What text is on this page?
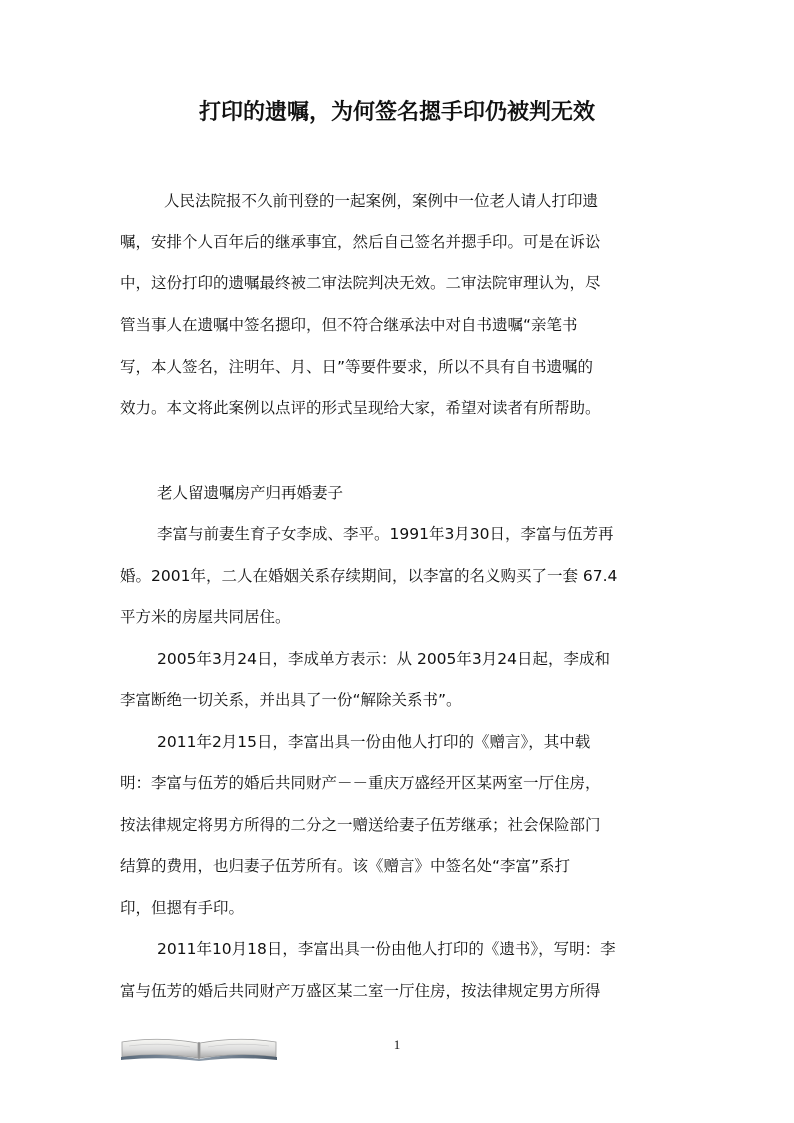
打印的遗嘱，为何签名摁手印仍被判无效
人民法院报不久前刊登的一起案例，案例中一位老人请人打印遗
嘱，安排个人百年后的继承事宜，然后自己签名并摁手印。可是在诉讼
中，这份打印的遗嘱最终被二审法院判决无效。二审法院审理认为，尽
管当事人在遗嘱中签名摁印，但不符合继承法中对自书遗嘱“亲笔书
写，本人签名，注明年、月、日”等要件要求，所以不具有自书遗嘱的
效力。本文将此案例以点评的形式呈现给大家，希望对读者有所帮助。
老人留遗嘱房产归再婚妻子
李富与前妻生育子女李成、李平。1991年3月30日，李富与伍芳再
婚。2001年，二人在婚姻关系存续期间，以李富的名义购买了一套 67.4
平方米的房屋共同居住。
2005年3月24日，李成单方表示：从 2005年3月24日起，李成和
李富断绝一切关系，并出具了一份“解除关系书”。
2011年2月15日，李富出具一份由他人打印的《赠言》，其中载
明：李富与伍芳的婚后共同财产－－重庆万盛经开区某两室一厅住房，
按法律规定将男方所得的二分之一赠送给妻子伍芳继承；社会保险部门
结算的费用，也归妻子伍芳所有。该《赠言》中签名处“李富”系打
印，但摁有手印。
2011年10月18日，李富出具一份由他人打印的《遗书》，写明：李
富与伍芳的婚后共同财产万盛区某二室一厅住房，按法律规定男方所得
1
